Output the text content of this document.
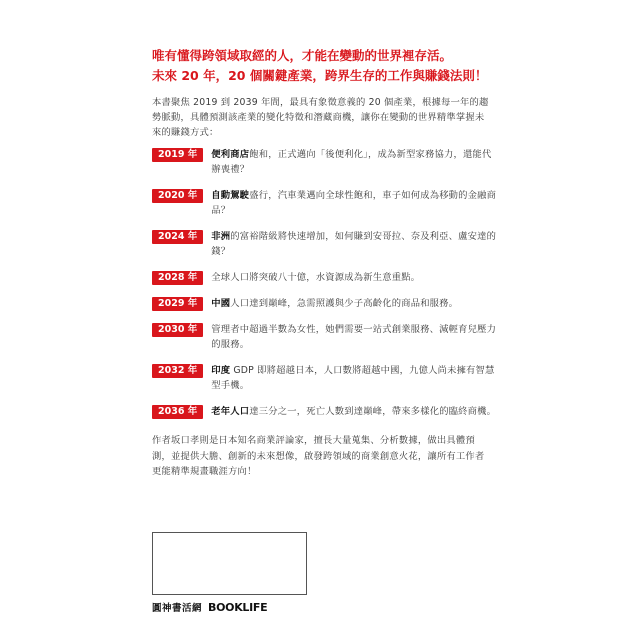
唯有懂得跨領域取經的人，才能在變動的世界裡存活。
未來 20 年，20 個關鍵產業，跨界生存的工作與賺錢法則！
本書聚焦 2019 到 2039 年間，最具有象徵意義的 20 個產業，根據每一年的趨勢脈動，具體預測該產業的變化特徵和潛藏商機，讓你在變動的世界精準掌握未來的賺錢方式：
2019 年	便利商店飽和，正式邁向「後便利化」，成為新型家務協力，還能代辦喪禮？
2020 年	自動駕駛盛行，汽車業邁向全球性飽和，車子如何成為移動的金融商品？
2024 年	非洲的富裕階級將快速增加，如何賺到安哥拉、奈及利亞、盧安達的錢？
2028 年	全球人口將突破八十億，水資源成為新生意重點。
2029 年	中國人口達到巔峰，急需照護與少子高齡化的商品和服務。
2030 年	管理者中超過半數為女性，她們需要一站式創業服務、減輕育兒壓力的服務。
2032 年	印度 GDP 即將超越日本，人口數將超越中國，九億人尚未擁有智慧型手機。
2036 年	老年人口達三分之一，死亡人數到達巔峰，帶來多樣化的臨終商機。
作者坂口孝則是日本知名商業評論家，擅長大量蒐集、分析數據，做出具體預測，並提供大膽、創新的未來想像，啟發跨領域的商業創意火花，讓所有工作者更能精準規畫職涯方向！
圓神書活網 BOOKLIFE
